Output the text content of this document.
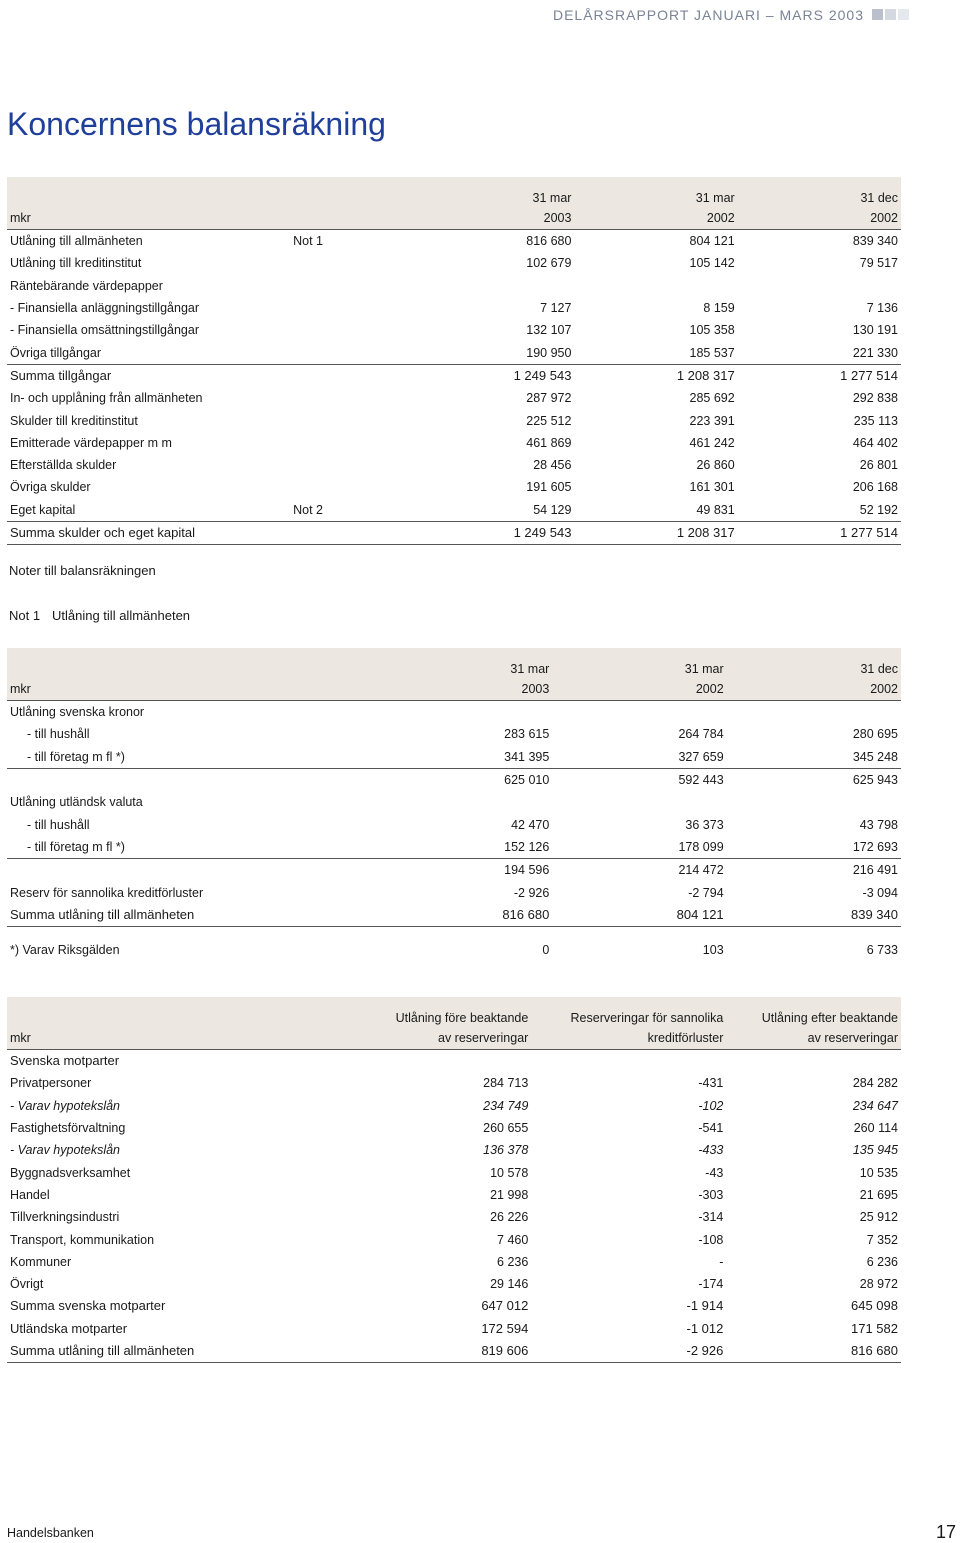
DELÅRSRAPPORT JANUARI – MARS 2003
Koncernens balansräkning
		31 mar	31 mar	31 dec
mkr		2003	2002	2002
Utlåning till allmänheten	Not 1	816 680	804 121	839 340
Utlåning till kreditinstitut		102 679	105 142	79 517
Räntebärande värdepapper				
- Finansiella anläggningstillgångar		7 127	8 159	7 136
- Finansiella omsättningstillgångar		132 107	105 358	130 191
Övriga tillgångar		190 950	185 537	221 330
Summa tillgångar		1 249 543	1 208 317	1 277 514
In- och upplåning från allmänheten		287 972	285 692	292 838
Skulder till kreditinstitut		225 512	223 391	235 113
Emitterade värdepapper m m		461 869	461 242	464 402
Efterställda skulder		28 456	26 860	26 801
Övriga skulder		191 605	161 301	206 168
Eget kapital	Not 2	54 129	49 831	52 192
Summa skulder och eget kapital		1 249 543	1 208 317	1 277 514
Noter till balansräkningen
Not 1 Utlåning till allmänheten
	31 mar	31 mar	31 dec
mkr	2003	2002	2002
Utlåning svenska kronor			
- till hushåll	283 615	264 784	280 695
- till företag m fl *)	341 395	327 659	345 248
	625 010	592 443	625 943
Utlåning utländsk valuta			
- till hushåll	42 470	36 373	43 798
- till företag m fl *)	152 126	178 099	172 693
	194 596	214 472	216 491
Reserv för sannolika kreditförluster	-2 926	-2 794	-3 094
Summa utlåning till allmänheten	816 680	804 121	839 340

*) Varav Riksgälden	0	103	6 733
	Utlåning före beaktande	Reserveringar för sannolika	Utlåning efter beaktande
mkr	av reserveringar	kreditförluster	av reserveringar
Svenska motparter			
Privatpersoner	284 713	-431	284 282
- Varav hypotekslån	234 749	-102	234 647
Fastighetsförvaltning	260 655	-541	260 114
- Varav hypotekslån	136 378	-433	135 945
Byggnadsverksamhet	10 578	-43	10 535
Handel	21 998	-303	21 695
Tillverkningsindustri	26 226	-314	25 912
Transport, kommunikation	7 460	-108	7 352
Kommuner	6 236	-	6 236
Övrigt	29 146	-174	28 972
Summa svenska motparter	647 012	-1 914	645 098
Utländska motparter	172 594	-1 012	171 582
Summa utlåning till allmänheten	819 606	-2 926	816 680
Handelsbanken	17
